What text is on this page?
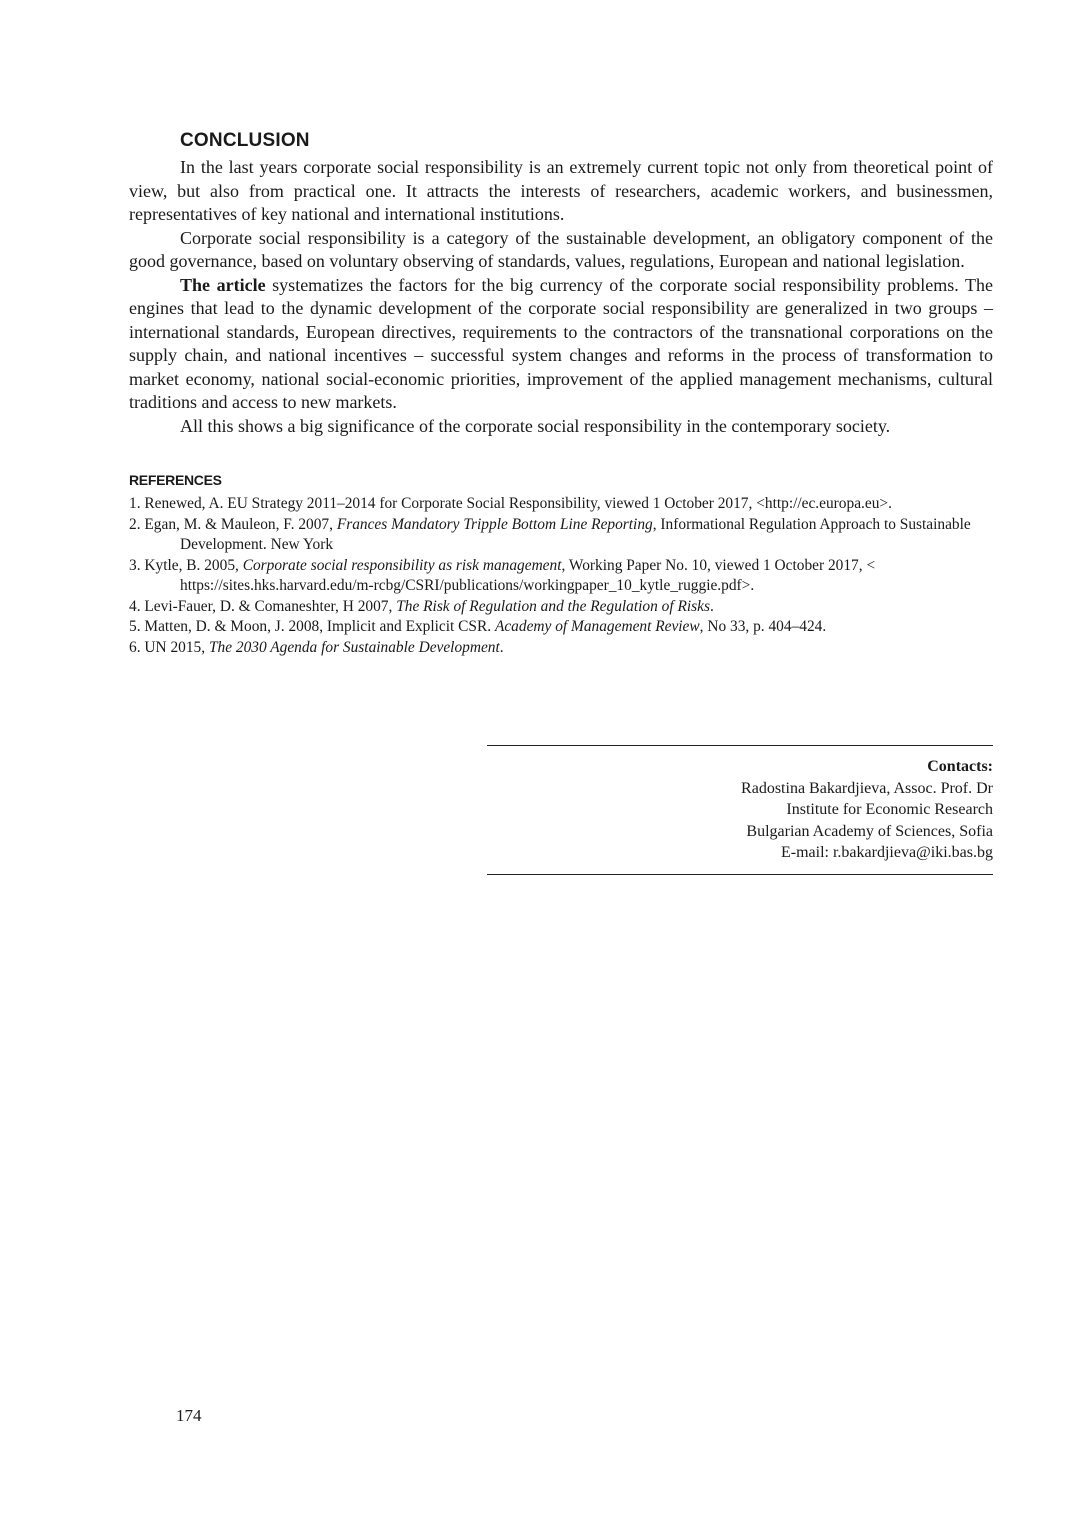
CONCLUSION

In the last years corporate social responsibility is an extremely current topic not only from theoretical point of view, but also from practical one. It attracts the interests of researchers, academic workers, and businessmen, representatives of key national and international institutions.

Corporate social responsibility is a category of the sustainable development, an obligatory component of the good governance, based on voluntary observing of standards, values, regulations, European and national legislation.

The article systematizes the factors for the big currency of the corporate social responsibility problems. The engines that lead to the dynamic development of the corporate social responsibility are generalized in two groups – international standards, European directives, requirements to the contractors of the transnational corporations on the supply chain, and national incentives – successful system changes and reforms in the process of transformation to market economy, national social-economic priorities, improvement of the applied management mechanisms, cultural traditions and access to new markets.

All this shows a big significance of the corporate social responsibility in the contemporary society.

REFERENCES
1. Renewed, A. EU Strategy 2011–2014 for Corporate Social Responsibility, viewed 1 October 2017, <http://ec.europa.eu>.
2. Egan, M. & Mauleon, F. 2007, Frances Mandatory Tripple Bottom Line Reporting, Informational Regulation Approach to Sustainable Development. New York
3. Kytle, B. 2005, Corporate social responsibility as risk management, Working Paper No. 10, viewed 1 October 2017, < https://sites.hks.harvard.edu/m-rcbg/CSRI/publications/workingpaper_10_kytle_ruggie.pdf>.
4. Levi-Fauer, D. & Comaneshter, H 2007, The Risk of Regulation and the Regulation of Risks.
5. Matten, D. & Moon, J. 2008, Implicit and Explicit CSR. Academy of Management Review, No 33, p. 404–424.
6. UN 2015, The 2030 Agenda for Sustainable Development.
Contacts:
Radostina Bakardjieva, Assoc. Prof. Dr
Institute for Economic Research
Bulgarian Academy of Sciences, Sofia
E-mail: r.bakardjieva@iki.bas.bg
174
